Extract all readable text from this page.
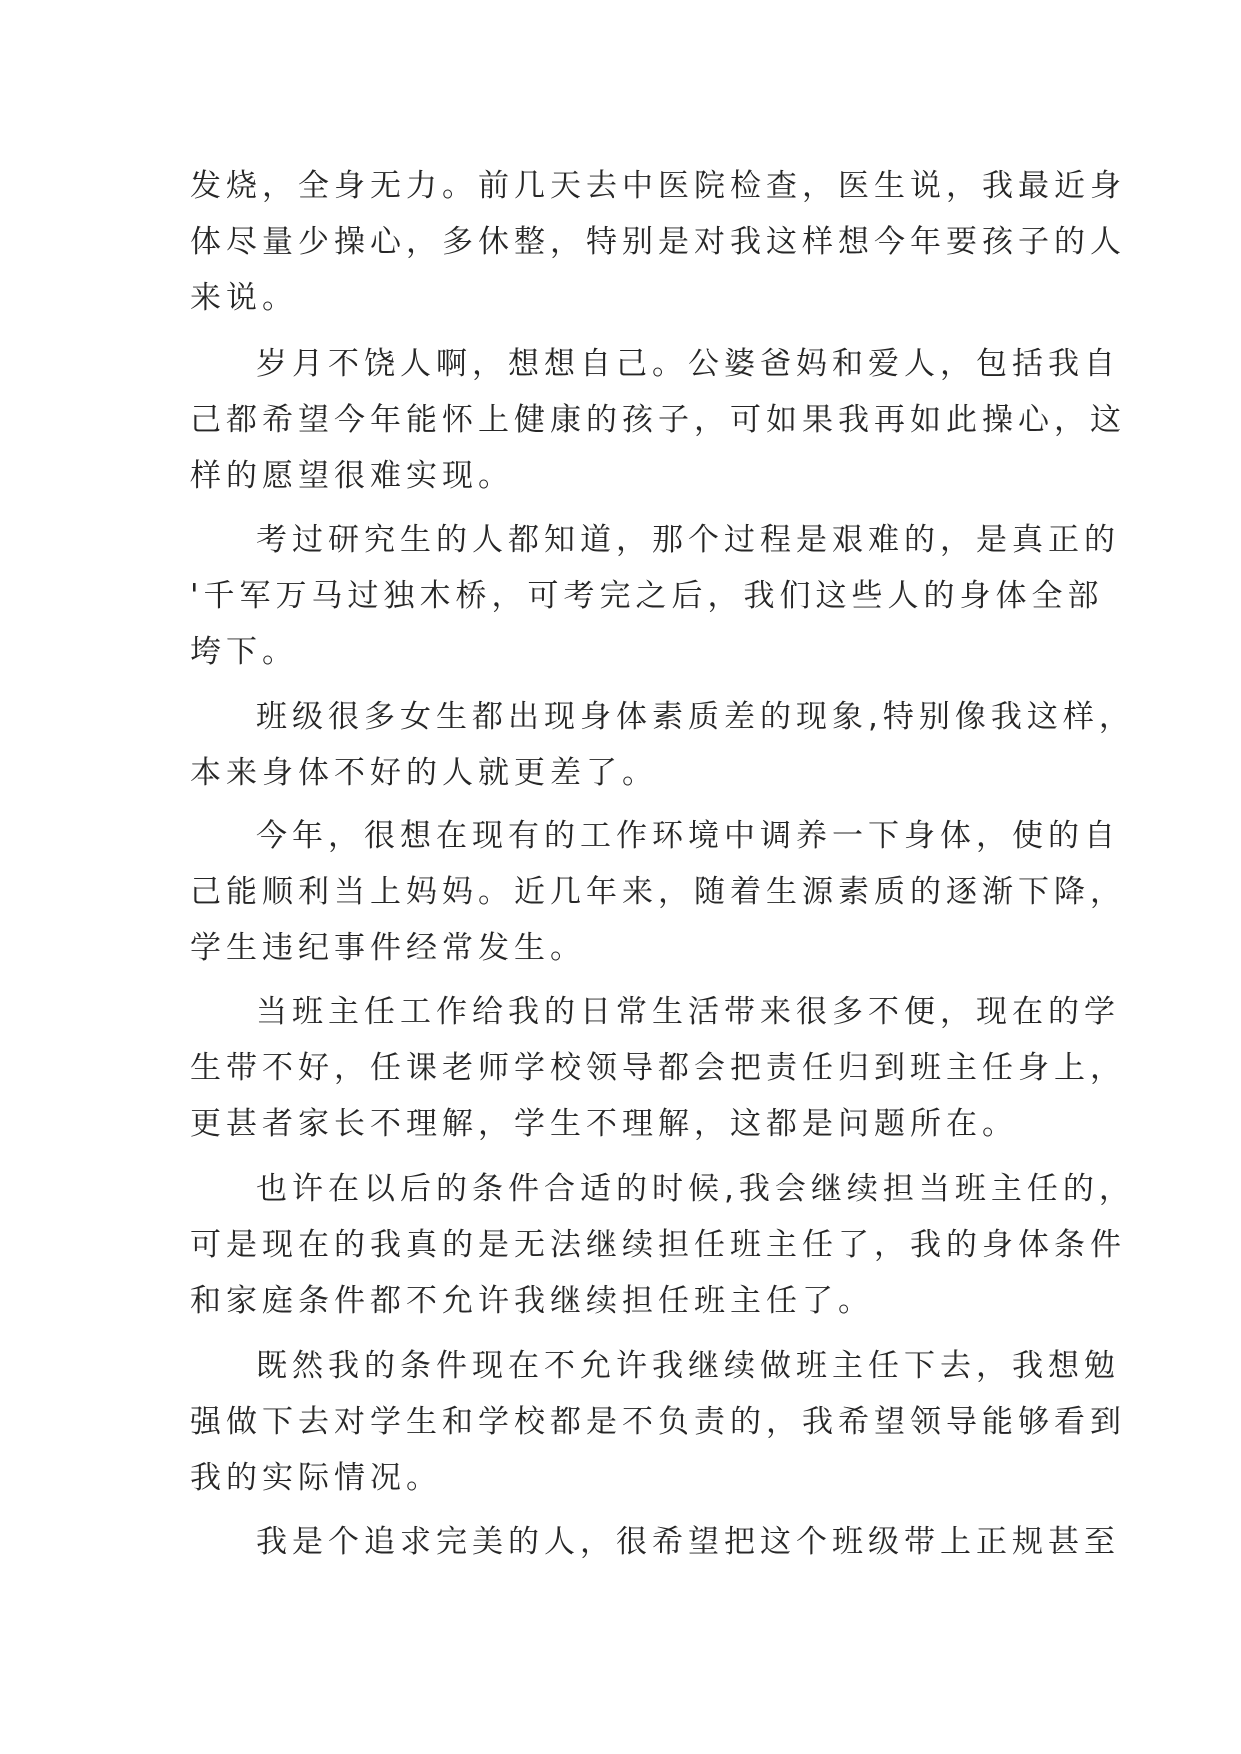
发烧，全身无力。前几天去中医院检查，医生说，我最近身
体尽量少操心，多休整，特别是对我这样想今年要孩子的人
来说。
岁月不饶人啊，想想自己。公婆爸妈和爱人，包括我自
己都希望今年能怀上健康的孩子，可如果我再如此操心，这
样的愿望很难实现。
考过研究生的人都知道，那个过程是艰难的，是真正的
'千军万马过独木桥，可考完之后，我们这些人的身体全部
垮下。
班级很多女生都出现身体素质差的现象,特别像我这样，
本来身体不好的人就更差了。
今年，很想在现有的工作环境中调养一下身体，使的自
己能顺利当上妈妈。近几年来，随着生源素质的逐渐下降，
学生违纪事件经常发生。
当班主任工作给我的日常生活带来很多不便，现在的学
生带不好，任课老师学校领导都会把责任归到班主任身上，
更甚者家长不理解，学生不理解，这都是问题所在。
也许在以后的条件合适的时候,我会继续担当班主任的，
可是现在的我真的是无法继续担任班主任了，我的身体条件
和家庭条件都不允许我继续担任班主任了。
既然我的条件现在不允许我继续做班主任下去，我想勉
强做下去对学生和学校都是不负责的，我希望领导能够看到
我的实际情况。
我是个追求完美的人，很希望把这个班级带上正规甚至
